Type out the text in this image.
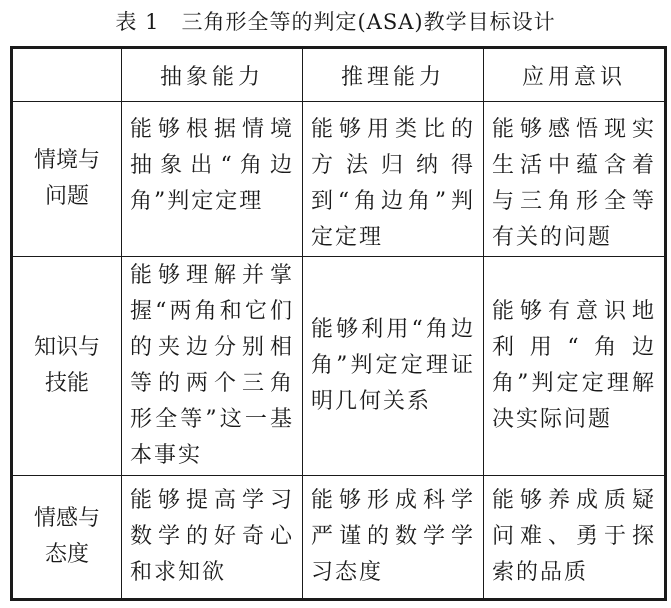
表 1 三角形全等的判定(ASA)教学目标设计
	抽象能力	推理能力	应用意识

情境与
问题	能够根据情境抽象出“角边角”判定定理	能够用类比的方法归纳得到“角边角”判定定理	能够感悟现实生活中蕴含着与三角形全等有关的问题

知识与
技能	能够理解并掌握“两角和它们的夹边分别相等的两个三角形全等”这一基本事实	能够利用“角边角”判定定理证明几何关系	能够有意识地利用“角边角”判定定理解决实际问题

情感与
态度	能够提高学习数学的好奇心和求知欲	能够形成科学严谨的数学学习态度	能够养成质疑问难、勇于探索的品质
